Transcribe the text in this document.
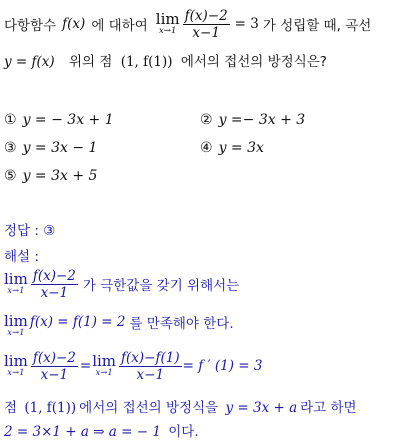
다항함수 f(x) 에 대하여 lim
$x\to 1 \frac{f(x)-2}{x-1} = 3$ 가 성립할 때, 곡선
y = f(x) 위의 점 (1, f(1)) 에서의 접선의 방정식은?
① y = − 3x + 1	② y =− 3x + 3
③ y = 3x − 1	④ y = 3x
⑤ y = 3x + 5
정답 : ③
해설 :
lim
$x\to 1 \frac{f(x)-2}{x-1}$ 가 극한값을 갖기 위해서는
lim
x→1
f(x) = f(1) = 2 를 만족해야 한다.
lim
$x\to 1 \frac{f(x)-2}{x-1} = \lim$
$x\to 1 \frac{f(x)-f(1)}{x-1} = f$ ′ (1) = 3
점 (1, f(1)) 에서의 접선의 방정식을 y = 3x + a 라고 하면
2 = 3×1 + a ⇒ a = − 1 이다.
